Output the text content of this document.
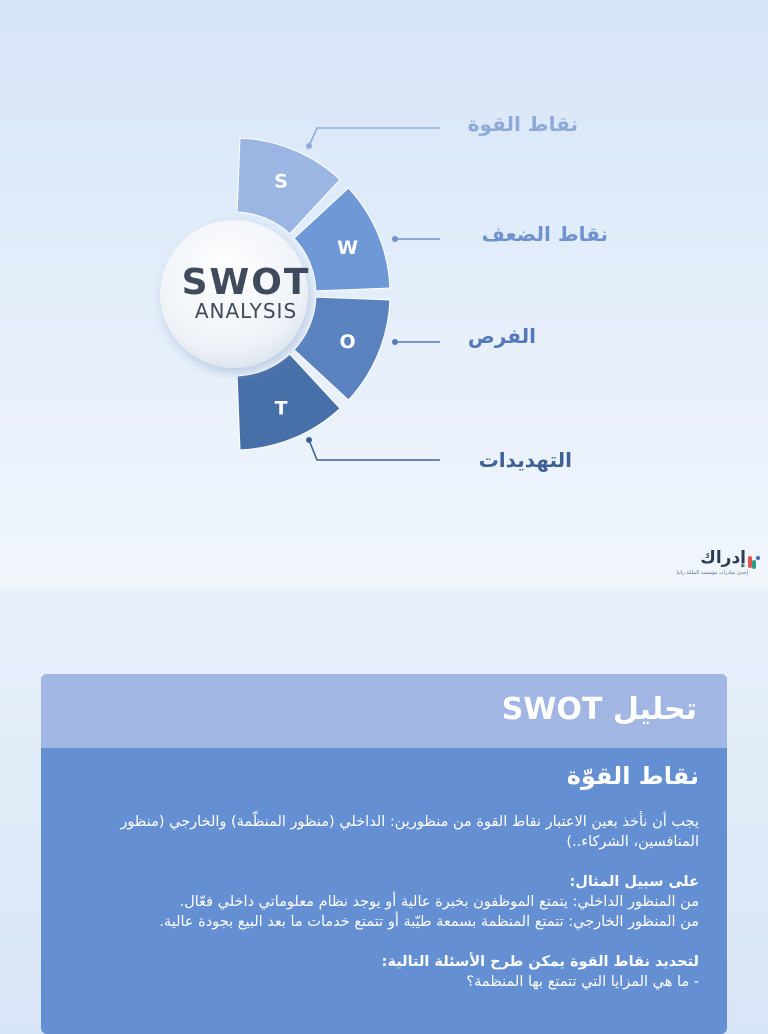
S
W
O
T
SWOT
ANALYSIS
نقاط القوة
نقاط الضعف
الفرص
التهديدات
إدراك
إحدى مبادرات مؤسسة الملكة رانيا
تحليل SWOT
نقاط القوّة

يجب أن نأخذ بعين الاعتبار نقاط القوة من منظورين: الداخلي (منظور المنظّمة) والخارجي (منظور المنافسين، الشركاء..)

على سبيل المثال:

من المنظور الداخلي: يتمتع الموظفون بخبرة عالية أو يوجد نظام معلوماتي داخلي فعّال.

من المنظور الخارجي: تتمتع المنظمة بسمعة طيّبة أو تتمتع خدمات ما بعد البيع بجودة عالية.

لتحديد نقاط القوة يمكن طرح الأسئلة التالية:

- ما هي المزايا التي تتمتع بها المنظمة؟
